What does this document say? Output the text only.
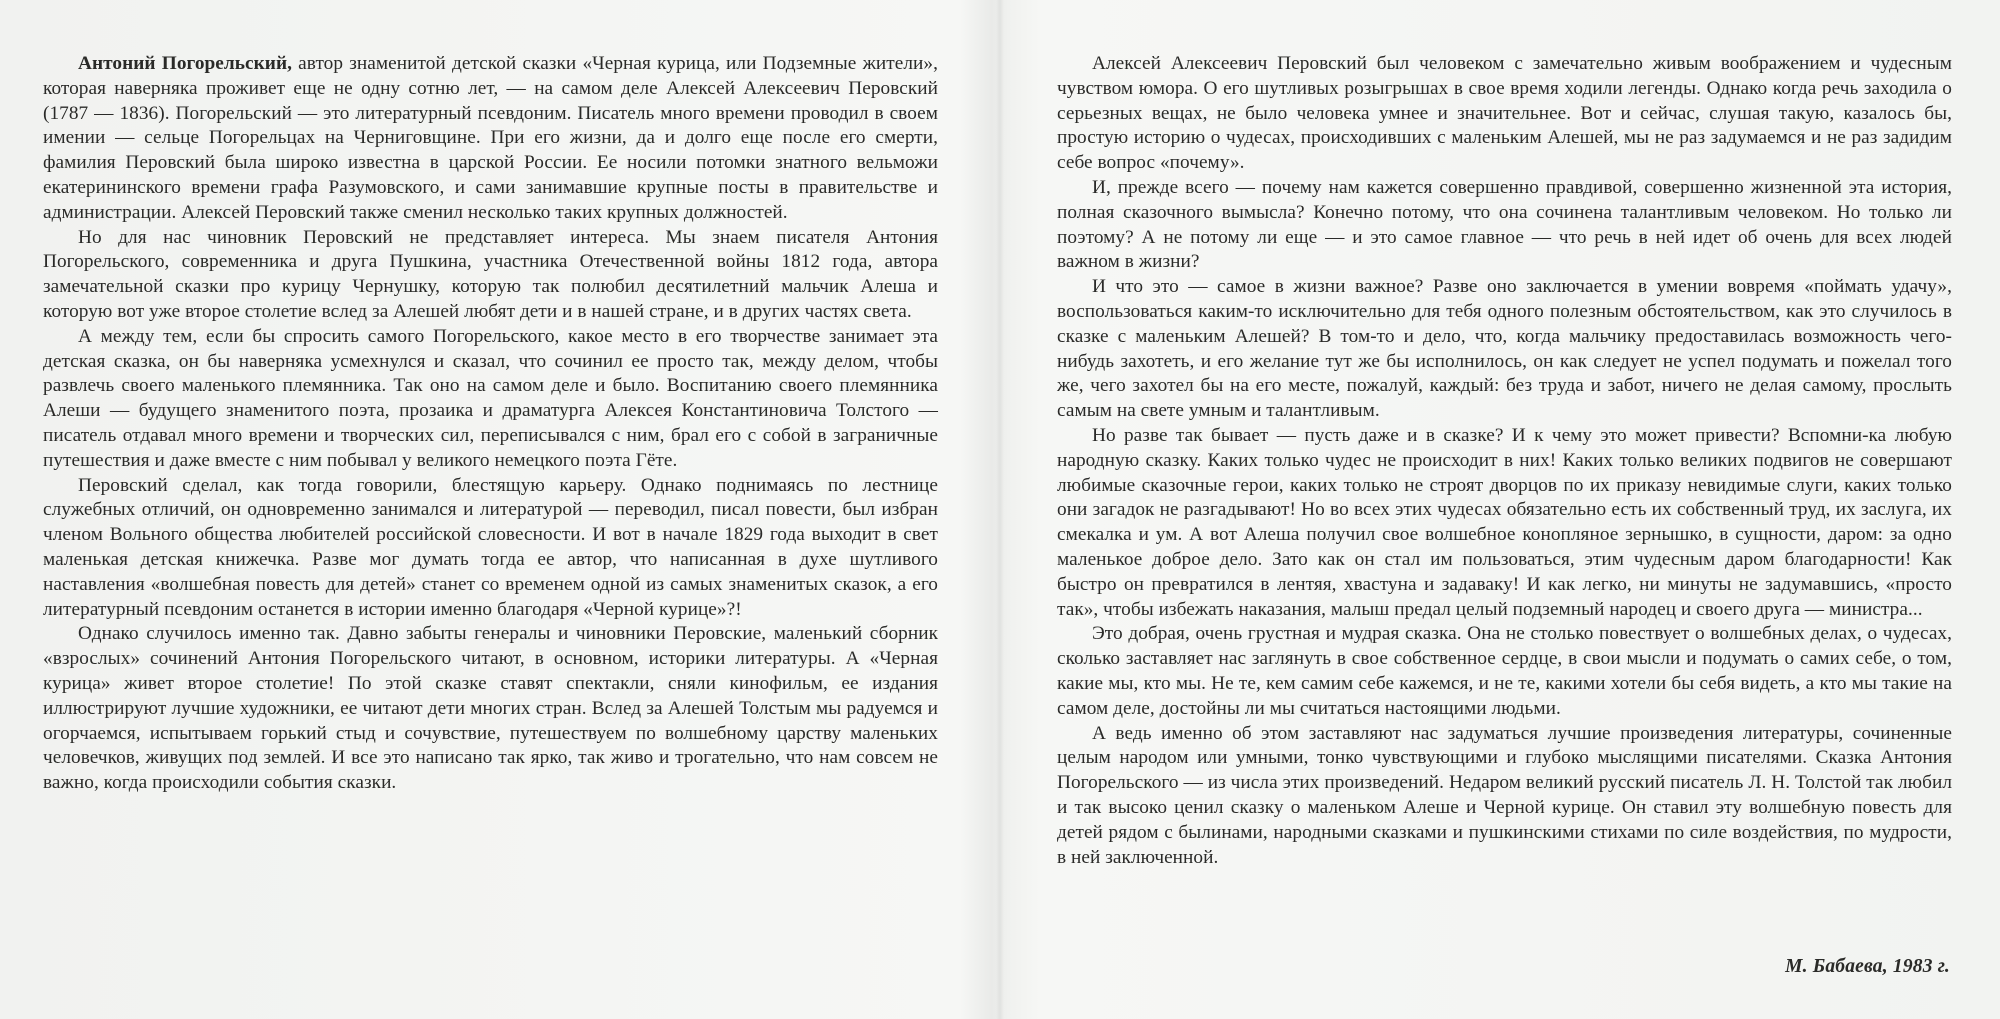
Антоний Погорельский, автор знаменитой детской сказки «Черная курица, или Подземные жители», которая наверняка проживет еще не одну сотню лет, — на самом деле Алексей Алексеевич Перовский (1787 — 1836). Погорельский — это литературный псевдоним. Писатель много времени проводил в своем имении — сельце Погорельцах на Черниговщине. При его жизни, да и долго еще после его смерти, фамилия Перовский была широко известна в царской России. Ее носили потомки знатного вельможи екатерининского времени графа Разумовского, и сами занимавшие крупные посты в правительстве и администрации. Алексей Перовский также сменил несколько таких крупных должностей.

Но для нас чиновник Перовский не представляет интереса. Мы знаем писателя Антония Погорельского, современника и друга Пушкина, участника Отечественной войны 1812 года, автора замечательной сказки про курицу Чернушку, которую так полюбил десятилетний мальчик Алеша и которую вот уже второе столетие вслед за Алешей любят дети и в нашей стране, и в других частях света.

А между тем, если бы спросить самого Погорельского, какое место в его творчестве занимает эта детская сказка, он бы наверняка усмехнулся и сказал, что сочинил ее просто так, между делом, чтобы развлечь своего маленького племянника. Так оно на самом деле и было. Воспитанию своего племянника Алеши — будущего знаменитого поэта, прозаика и драматурга Алексея Константиновича Толстого — писатель отдавал много времени и творческих сил, переписывался с ним, брал его с собой в заграничные путешествия и даже вместе с ним побывал у великого немецкого поэта Гёте.

Перовский сделал, как тогда говорили, блестящую карьеру. Однако поднимаясь по лестнице служебных отличий, он одновременно занимался и литературой — переводил, писал повести, был избран членом Вольного общества любителей российской словесности. И вот в начале 1829 года выходит в свет маленькая детская книжечка. Разве мог думать тогда ее автор, что написанная в духе шутливого наставления «волшебная повесть для детей» станет со временем одной из самых знаменитых сказок, а его литературный псевдоним останется в истории именно благодаря «Черной курице»?!

Однако случилось именно так. Давно забыты генералы и чиновники Перовские, маленький сборник «взрослых» сочинений Антония Погорельского читают, в основном, историки литературы. А «Черная курица» живет второе столетие! По этой сказке ставят спектакли, сняли кинофильм, ее издания иллюстрируют лучшие художники, ее читают дети многих стран. Вслед за Алешей Толстым мы радуемся и огорчаемся, испытываем горький стыд и сочувствие, путешествуем по волшебному царству маленьких человечков, живущих под землей. И все это написано так ярко, так живо и трогательно, что нам совсем не важно, когда происходили события сказки.

Алексей Алексеевич Перовский был человеком с замечательно живым воображением и чудесным чувством юмора. О его шутливых розыгрышах в свое время ходили легенды. Однако когда речь заходила о серьезных вещах, не было человека умнее и значительнее. Вот и сейчас, слушая такую, казалось бы, простую историю о чудесах, происходивших с маленьким Алешей, мы не раз задумаемся и не раз задидим себе вопрос «почему».

И, прежде всего — почему нам кажется совершенно правдивой, совершенно жизненной эта история, полная сказочного вымысла? Конечно потому, что она сочинена талантливым человеком. Но только ли поэтому? А не потому ли еще — и это самое главное — что речь в ней идет об очень для всех людей важном в жизни?

И что это — самое в жизни важное? Разве оно заключается в умении вовремя «поймать удачу», воспользоваться каким-то исключительно для тебя одного полезным обстоятельством, как это случилось в сказке с маленьким Алешей? В том-то и дело, что, когда мальчику предоставилась возможность чего-нибудь захотеть, и его желание тут же бы исполнилось, он как следует не успел подумать и пожелал того же, чего захотел бы на его месте, пожалуй, каждый: без труда и забот, ничего не делая самому, прослыть самым на свете умным и талантливым.

Но разве так бывает — пусть даже и в сказке? И к чему это может привести? Вспомни-ка любую народную сказку. Каких только чудес не происходит в них! Каких только великих подвигов не совершают любимые сказочные герои, каких только не строят дворцов по их приказу невидимые слуги, каких только они загадок не разгадывают! Но во всех этих чудесах обязательно есть их собственный труд, их заслуга, их смекалка и ум. А вот Алеша получил свое волшебное конопляное зернышко, в сущности, даром: за одно маленькое доброе дело. Зато как он стал им пользоваться, этим чудесным даром благодарности! Как быстро он превратился в лентяя, хвастуна и задаваку! И как легко, ни минуты не задумавшись, «просто так», чтобы избежать наказания, малыш предал целый подземный народец и своего друга — министра...

Это добрая, очень грустная и мудрая сказка. Она не столько повествует о волшебных делах, о чудесах, сколько заставляет нас заглянуть в свое собственное сердце, в свои мысли и подумать о самих себе, о том, какие мы, кто мы. Не те, кем самим себе кажемся, и не те, какими хотели бы себя видеть, а кто мы такие на самом деле, достойны ли мы считаться настоящими людьми.

А ведь именно об этом заставляют нас задуматься лучшие произведения литературы, сочиненные целым народом или умными, тонко чувствующими и глубоко мыслящими писателями. Сказка Антония Погорельского — из числа этих произведений. Недаром великий русский писатель Л. Н. Толстой так любил и так высоко ценил сказку о маленьком Алеше и Черной курице. Он ставил эту волшебную повесть для детей рядом с былинами, народными сказками и пушкинскими стихами по силе воздействия, по мудрости, в ней заключенной.

М. Бабаева, 1983 г.
